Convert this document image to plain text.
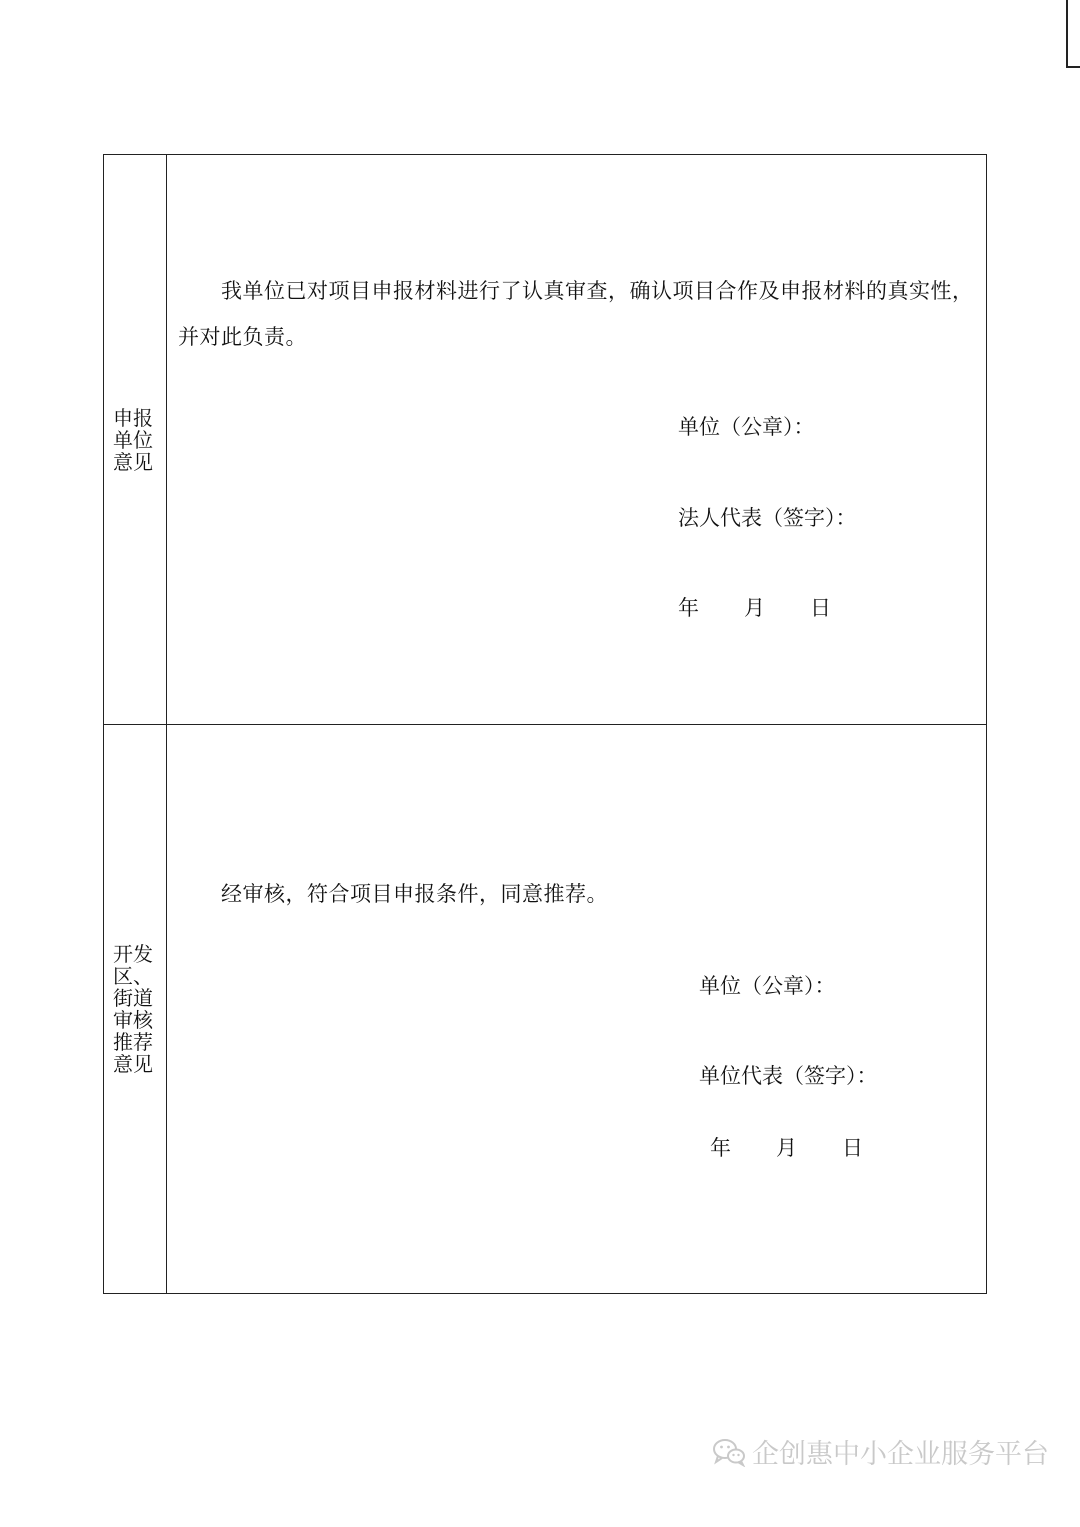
申报单位意见
我单位已对项目申报材料进行了认真审查，确认项目合作及申报材料的真实性，
并对此负责。
单位（公章）：
法人代表（签字）：
年 月 日
开发区、街道审核推荐意见
经审核，符合项目申报条件，同意推荐。
单位（公章）：
单位代表（签字）：
年 月 日
企创惠中小企业服务平台
